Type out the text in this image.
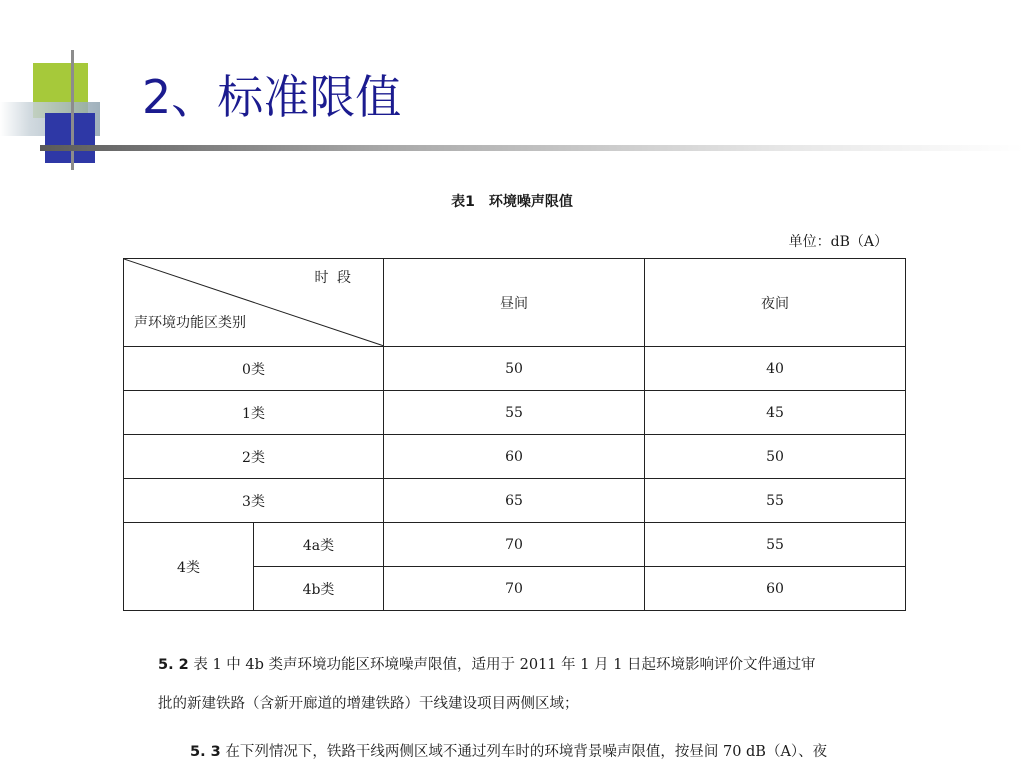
2、标准限值
表1　环境噪声限值
单位：dB（A）
时 段
声环境功能区类别		昼间	夜间
0类		50	40
1类		55	45
2类		60	50
3类		65	55
4类	4a类	70	55
	4b类	70	60
5. 2 表 1 中 4b 类声环境功能区环境噪声限值，适用于 2011 年 1 月 1 日起环境影响评价文件通过审
批的新建铁路（含新开廊道的增建铁路）干线建设项目两侧区域；
5. 3 在下列情况下，铁路干线两侧区域不通过列车时的环境背景噪声限值，按昼间 70 dB（A）、夜
